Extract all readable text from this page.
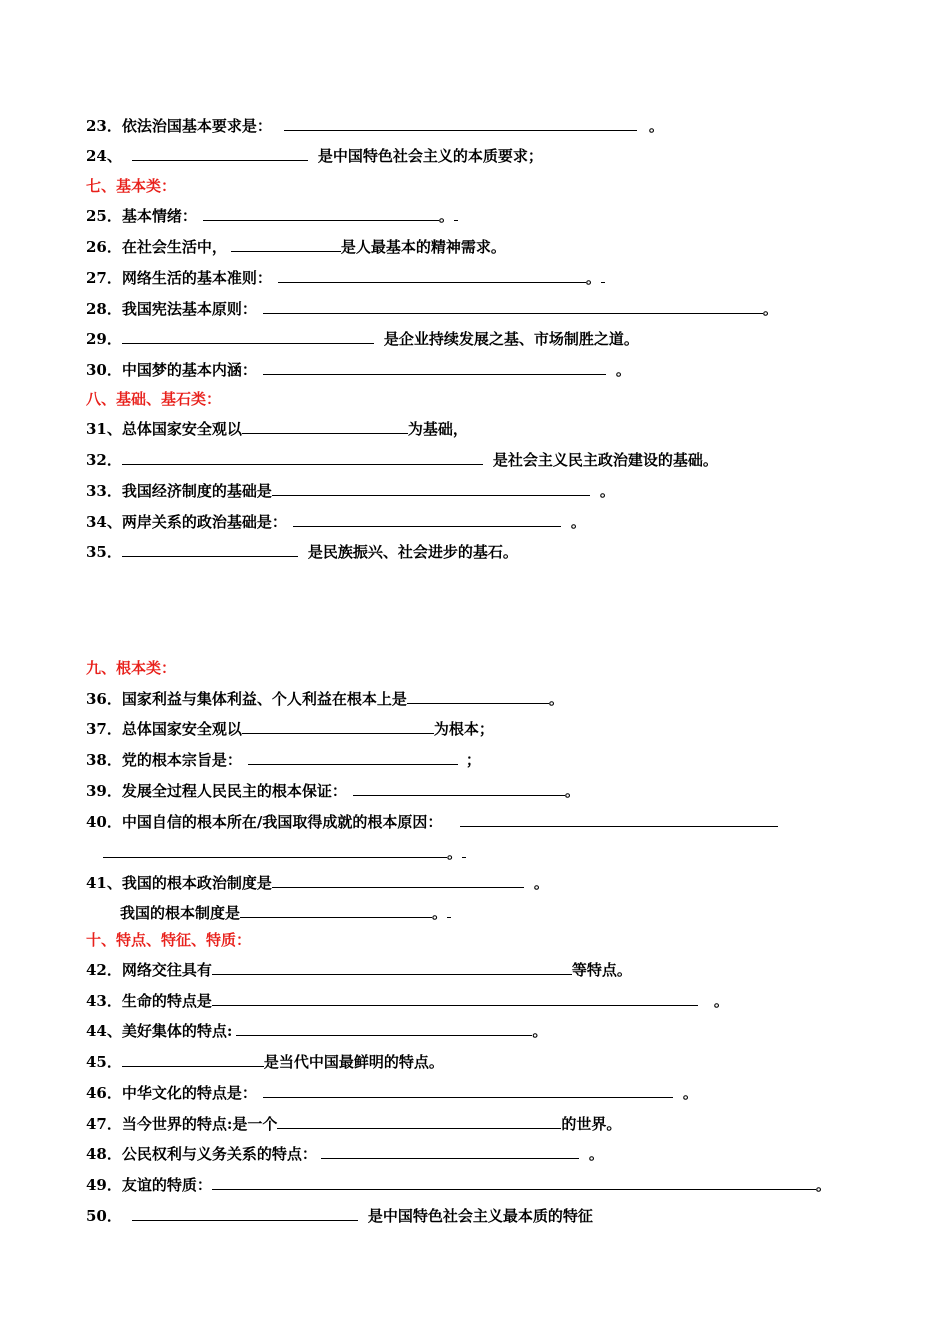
23．依法治国基本要求是：	。
24、	是中国特色社会主义的本质要求；
七、基本类：
25．基本情绪：	。
26．在社会生活中，	是人最基本的精神需求。
27．网络生活的基本准则：	。
28．我国宪法基本原则：	。
29．	是企业持续发展之基、市场制胜之道。
30．中国梦的基本内涵：	。
八、基础、基石类：
31、总体国家安全观以	为基础，
32．	是社会主义民主政治建设的基础。
33．我国经济制度的基础是	。
34、两岸关系的政治基础是：	。
35．	是民族振兴、社会进步的基石。
九、根本类：
36．国家利益与集体利益、个人利益在根本上是	。
37．总体国家安全观以	为根本；
38．党的根本宗旨是：	；
39．发展全过程人民民主的根本保证：	。
40．中国自信的根本所在/我国取得成就的根本原因：
。
41、我国的根本政治制度是	。
我国的根本制度是	。
十、特点、特征、特质：
42．网络交往具有	等特点。
43．生命的特点是	。
44、美好集体的特点:	。
45．	是当代中国最鲜明的特点。
46．中华文化的特点是：	。
47．当今世界的特点:是一个	的世界。
48．公民权利与义务关系的特点：	。
49．友谊的特质：	。
50．	是中国特色社会主义最本质的特征
